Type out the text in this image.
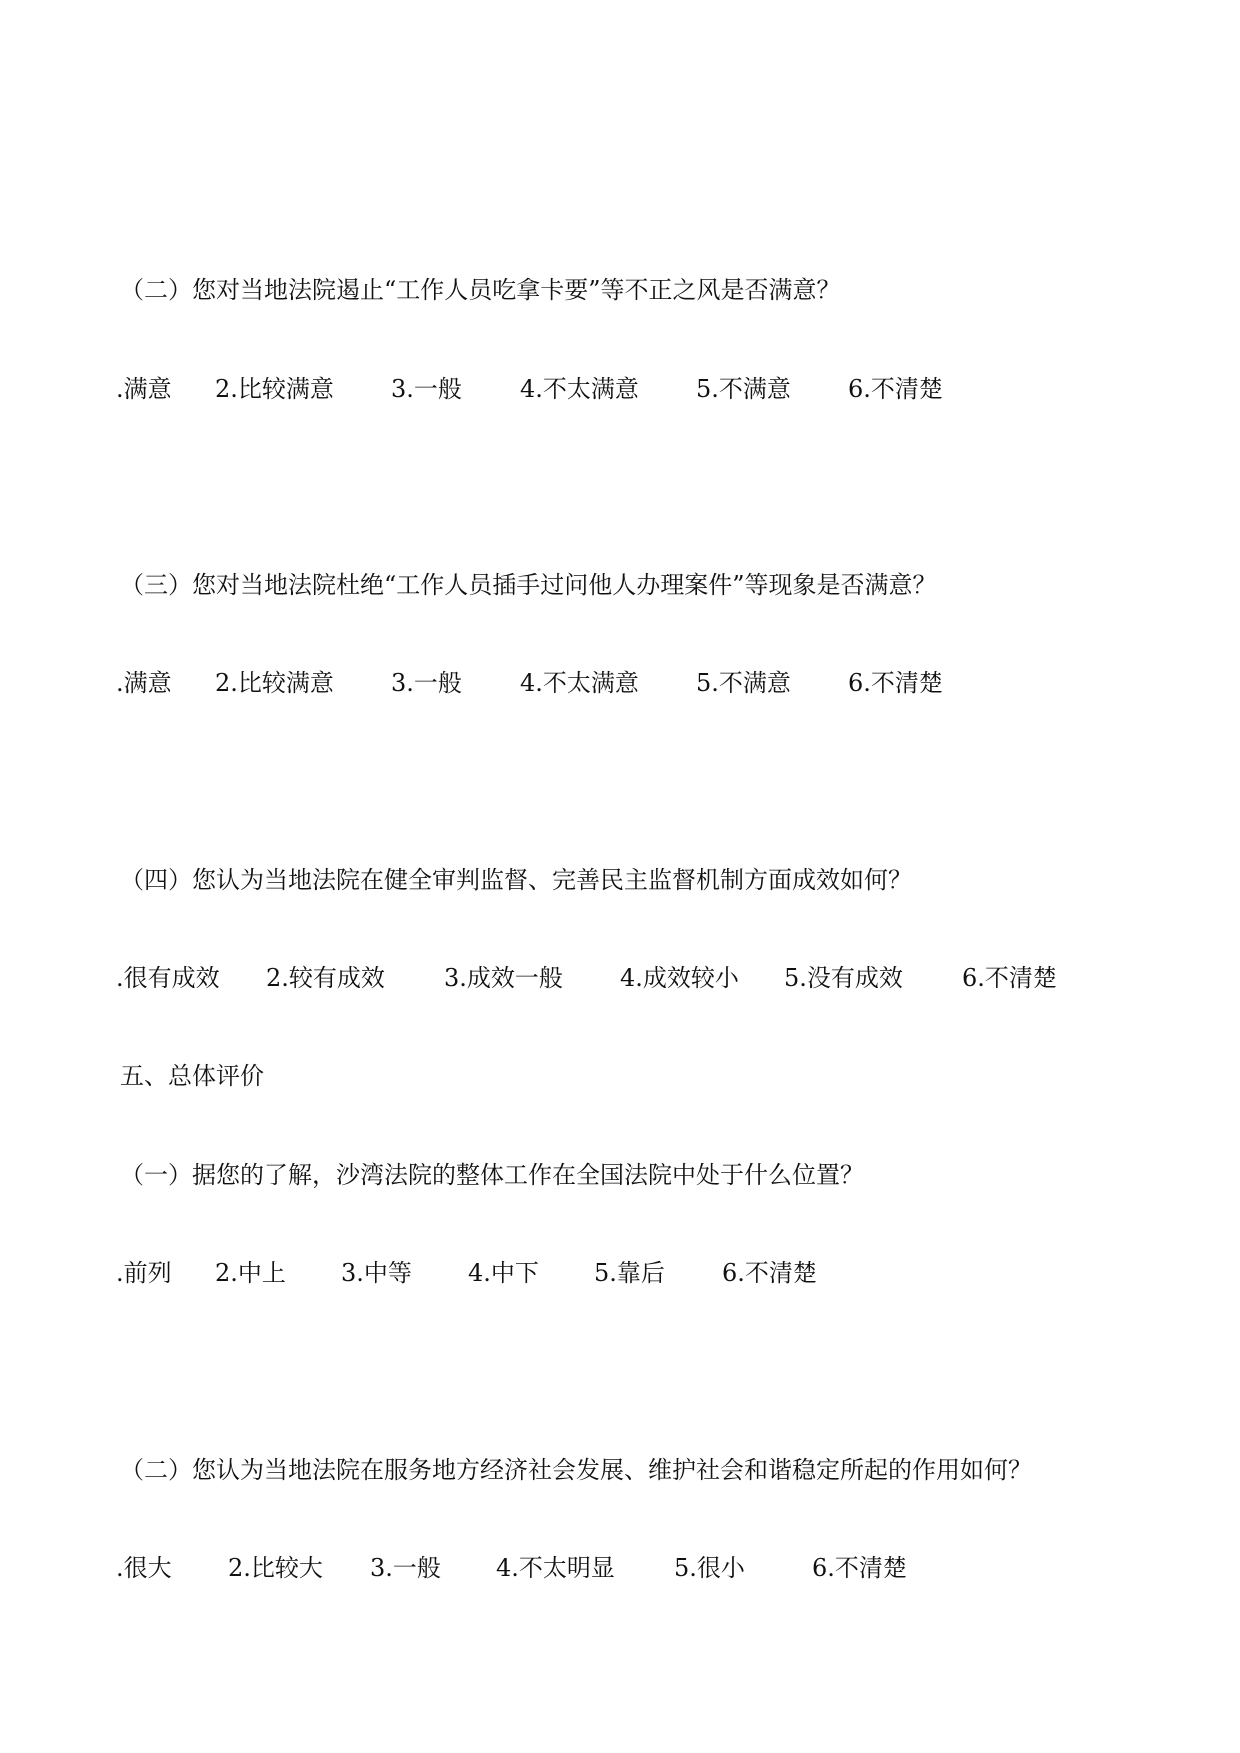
（二）您对当地法院遏止“工作人员吃拿卡要”等不正之风是否满意？
.满意 2.比较满意 3.一般 4.不太满意 5.不满意 6.不清楚
（三）您对当地法院杜绝“工作人员插手过问他人办理案件”等现象是否满意？
.满意 2.比较满意 3.一般 4.不太满意 5.不满意 6.不清楚
（四）您认为当地法院在健全审判监督、完善民主监督机制方面成效如何？
.很有成效 2.较有成效 3.成效一般 4.成效较小 5.没有成效 6.不清楚
五、总体评价
（一）据您的了解，沙湾法院的整体工作在全国法院中处于什么位置？
.前列 2.中上 3.中等 4.中下 5.靠后 6.不清楚
（二）您认为当地法院在服务地方经济社会发展、维护社会和谐稳定所起的作用如何？
.很大 2.比较大 3.一般 4.不太明显 5.很小	6.不清楚
